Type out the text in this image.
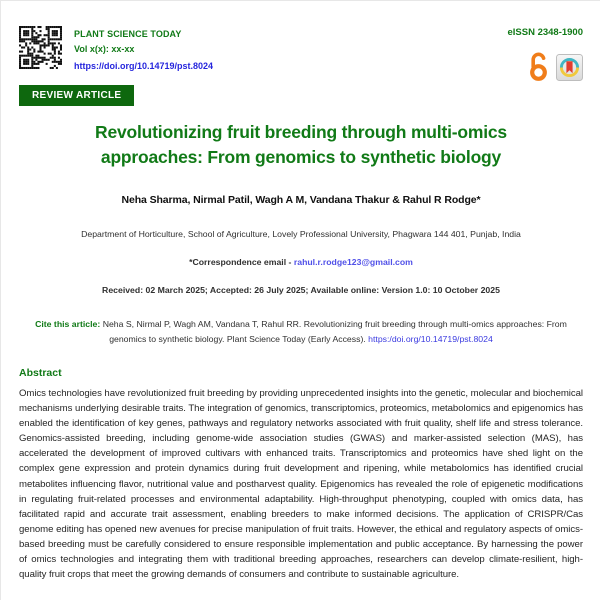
PLANT SCIENCE TODAY
Vol x(x): xx-xx
https://doi.org/10.14719/pst.8024
eISSN 2348-1900
REVIEW ARTICLE
Revolutionizing fruit breeding through multi-omics approaches: From genomics to synthetic biology
Neha Sharma, Nirmal Patil, Wagh A M, Vandana Thakur & Rahul R Rodge*
Department of Horticulture, School of Agriculture, Lovely Professional University, Phagwara 144 401, Punjab, India
*Correspondence email - rahul.r.rodge123@gmail.com
Received: 02 March 2025; Accepted: 26 July 2025; Available online: Version 1.0: 10 October 2025

Cite this article: Neha S, Nirmal P, Wagh AM, Vandana T, Rahul RR. Revolutionizing fruit breeding through multi-omics approaches: From genomics to synthetic biology. Plant Science Today (Early Access). https:/doi.org/10.14719/pst.8024

Abstract

Omics technologies have revolutionized fruit breeding by providing unprecedented insights into the genetic, molecular and biochemical mechanisms underlying desirable traits. The integration of genomics, transcriptomics, proteomics, metabolomics and epigenomics has enabled the identification of key genes, pathways and regulatory networks associated with fruit quality, shelf life and stress tolerance. Genomics-assisted breeding, including genome-wide association studies (GWAS) and marker-assisted selection (MAS), has accelerated the development of improved cultivars with enhanced traits. Transcriptomics and proteomics have shed light on the complex gene expression and protein dynamics during fruit development and ripening, while metabolomics has identified crucial metabolites influencing flavor, nutritional value and postharvest quality. Epigenomics has revealed the role of epigenetic modifications in regulating fruit-related processes and environmental adaptability. High-throughput phenotyping, coupled with omics data, has facilitated rapid and accurate trait assessment, enabling breeders to make informed decisions. The application of CRISPR/Cas genome editing has opened new avenues for precise manipulation of fruit traits. However, the ethical and regulatory aspects of omics-based breeding must be carefully considered to ensure responsible implementation and public acceptance. By harnessing the power of omics technologies and integrating them with traditional breeding approaches, researchers can develop climate-resilient, high-quality fruit crops that meet the growing demands of consumers and contribute to sustainable agriculture.
